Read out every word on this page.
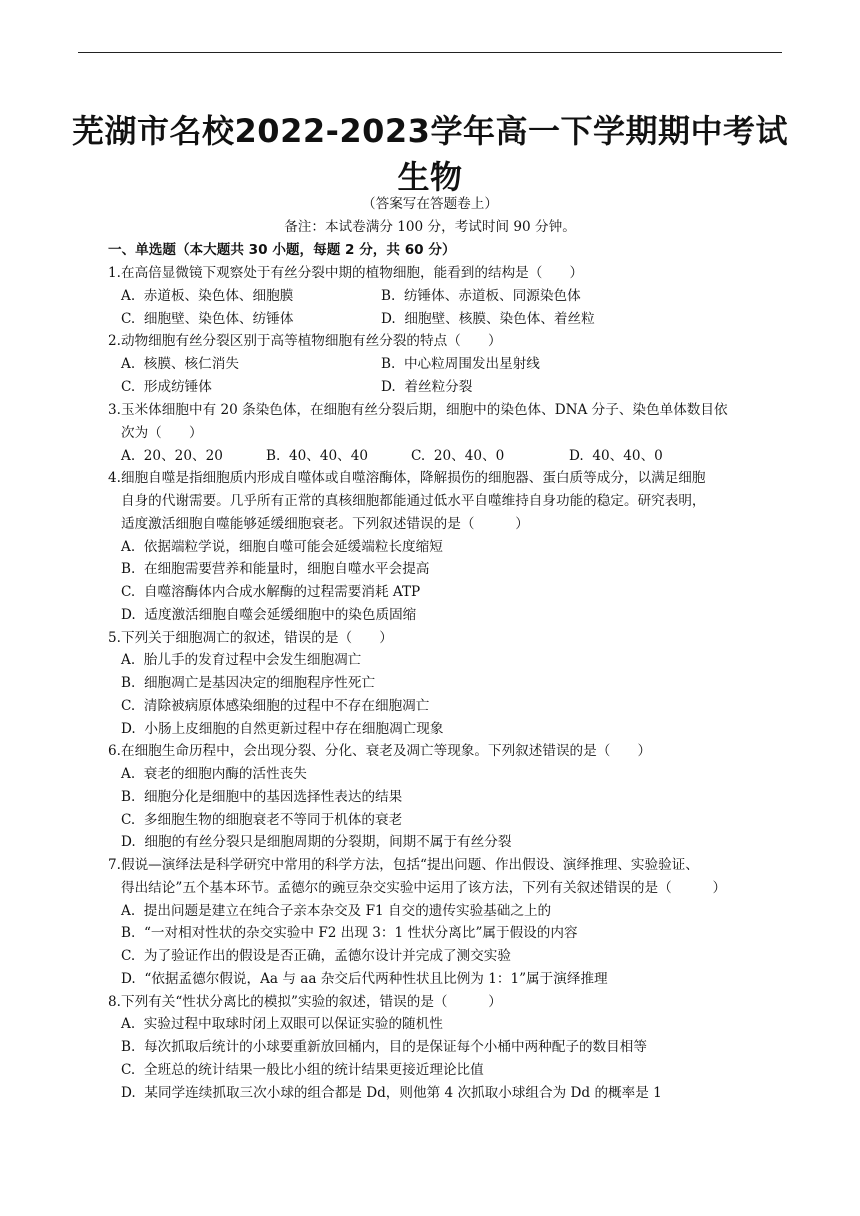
芜湖市名校2022-2023学年高一下学期期中考试
生物
（答案写在答题卷上）
备注：本试卷满分 100 分，考试时间 90 分钟。
一、单选题（本大题共 30 小题，每题 2 分，共 60 分）
1.在高倍显微镜下观察处于有丝分裂中期的植物细胞，能看到的结构是（　　）
A.  赤道板、染色体、细胞膜	B.  纺锤体、赤道板、同源染色体
C.  细胞壁、染色体、纺锤体	D.  细胞壁、核膜、染色体、着丝粒
2.动物细胞有丝分裂区别于高等植物细胞有丝分裂的特点（　　）
A.  核膜、核仁消失	B.  中心粒周围发出星射线
C.  形成纺锤体	D.  着丝粒分裂
3.玉米体细胞中有 20 条染色体，在细胞有丝分裂后期，细胞中的染色体、DNA 分子、染色单体数目依
次为（　　）
A.  20、20、20	B.  40、40、40	C.  20、40、0	D.  40、40、0
4.细胞自噬是指细胞质内形成自噬体或自噬溶酶体，降解损伤的细胞器、蛋白质等成分，以满足细胞
自身的代谢需要。几乎所有正常的真核细胞都能通过低水平自噬维持自身功能的稳定。研究表明，
适度激活细胞自噬能够延缓细胞衰老。下列叙述错误的是（　　　）
A.  依据端粒学说，细胞自噬可能会延缓端粒长度缩短
B.  在细胞需要营养和能量时，细胞自噬水平会提高
C.  自噬溶酶体内合成水解酶的过程需要消耗 ATP
D.  适度激活细胞自噬会延缓细胞中的染色质固缩
5.下列关于细胞凋亡的叙述，错误的是（　　）
A.  胎儿手的发育过程中会发生细胞凋亡
B.  细胞凋亡是基因决定的细胞程序性死亡
C.  清除被病原体感染细胞的过程中不存在细胞凋亡
D.  小肠上皮细胞的自然更新过程中存在细胞凋亡现象
6.在细胞生命历程中，会出现分裂、分化、衰老及凋亡等现象。下列叙述错误的是（　　）
A.  衰老的细胞内酶的活性丧失
B.  细胞分化是细胞中的基因选择性表达的结果
C.  多细胞生物的细胞衰老不等同于机体的衰老
D.  细胞的有丝分裂只是细胞周期的分裂期，间期不属于有丝分裂
7.假说—演绎法是科学研究中常用的科学方法，包括“提出问题、作出假设、演绎推理、实验验证、
得出结论”五个基本环节。孟德尔的豌豆杂交实验中运用了该方法，下列有关叙述错误的是（　　　）
A.  提出问题是建立在纯合子亲本杂交及 F1 自交的遗传实验基础之上的
B.  “一对相对性状的杂交实验中 F2 出现 3：1 性状分离比”属于假设的内容
C.  为了验证作出的假设是否正确，孟德尔设计并完成了测交实验
D.  “依据孟德尔假说，Aa 与 aa 杂交后代两种性状且比例为 1：1”属于演绎推理
8.下列有关“性状分离比的模拟”实验的叙述，错误的是（　　　）
A.  实验过程中取球时闭上双眼可以保证实验的随机性
B.  每次抓取后统计的小球要重新放回桶内，目的是保证每个小桶中两种配子的数目相等
C.  全班总的统计结果一般比小组的统计结果更接近理论比值
D.  某同学连续抓取三次小球的组合都是 Dd，则他第 4 次抓取小球组合为 Dd 的概率是 1
